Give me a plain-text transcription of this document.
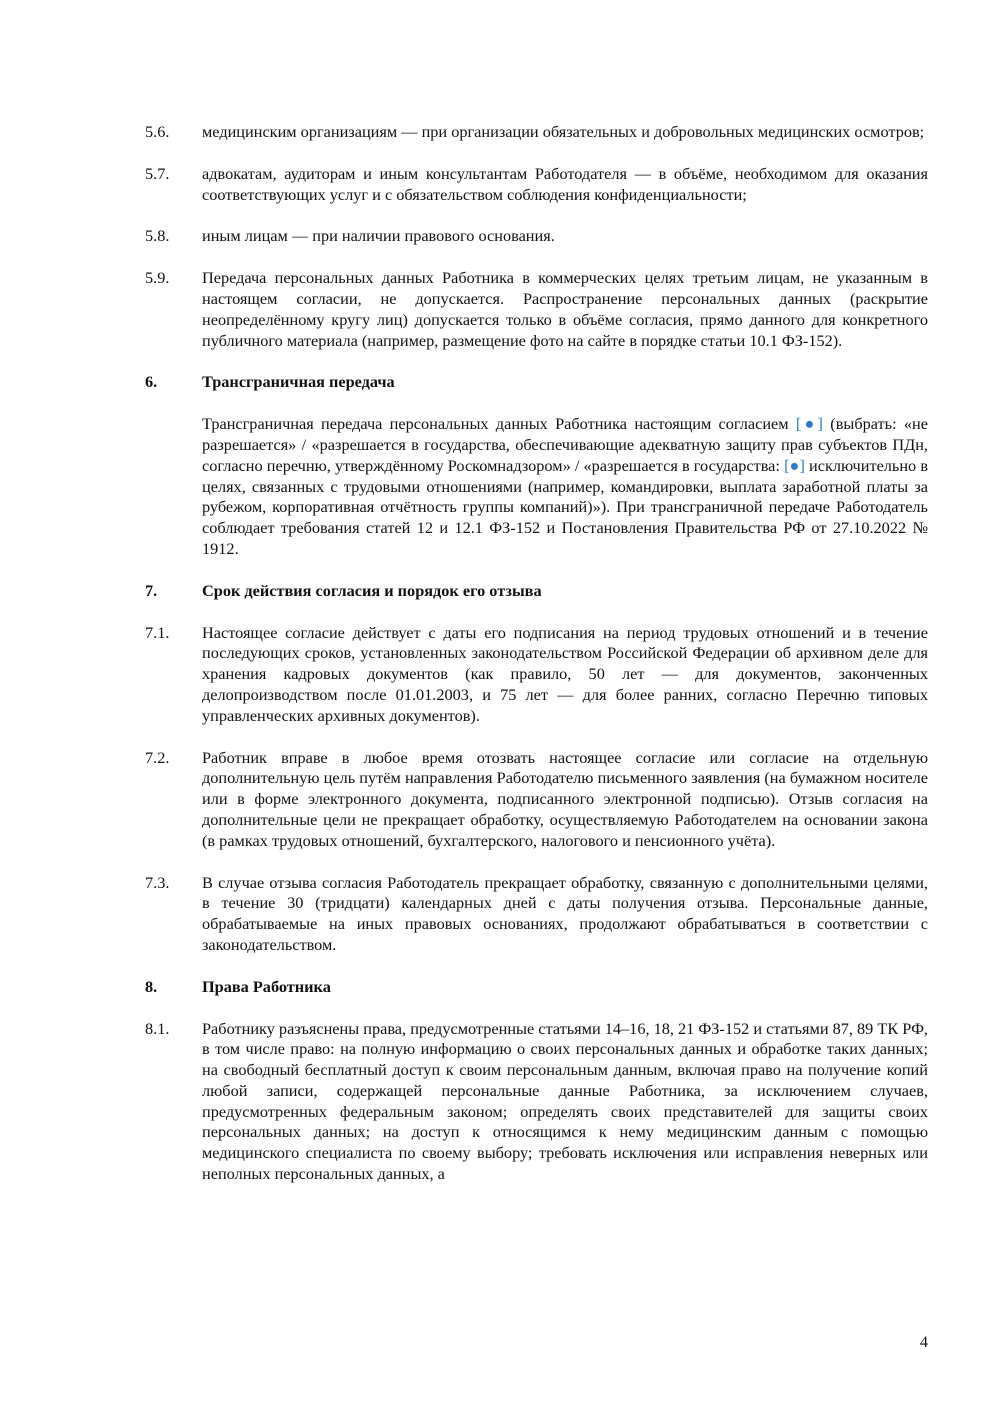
5.6.	медицинским организациям — при организации обязательных и добровольных медицинских осмотров;
5.7.	адвокатам, аудиторам и иным консультантам Работодателя — в объёме, необходимом для оказания соответствующих услуг и с обязательством соблюдения конфиденциальности;
5.8.	иным лицам — при наличии правового основания.
5.9.	Передача персональных данных Работника в коммерческих целях третьим лицам, не указанным в настоящем согласии, не допускается. Распространение персональных данных (раскрытие неопределённому кругу лиц) допускается только в объёме согласия, прямо данного для конкретного публичного материала (например, размещение фото на сайте в порядке статьи 10.1 ФЗ-152).
6.	Трансграничная передача
Трансграничная передача персональных данных Работника настоящим согласием [●] (выбрать: «не разрешается» / «разрешается в государства, обеспечивающие адекватную защиту прав субъектов ПДн, согласно перечню, утверждённому Роскомнадзором» / «разрешается в государства: [●] исключительно в целях, связанных с трудовыми отношениями (например, командировки, выплата заработной платы за рубежом, корпоративная отчётность группы компаний)»). При трансграничной передаче Работодатель соблюдает требования статей 12 и 12.1 ФЗ-152 и Постановления Правительства РФ от 27.10.2022 № 1912.
7.	Срок действия согласия и порядок его отзыва
7.1.	Настоящее согласие действует с даты его подписания на период трудовых отношений и в течение последующих сроков, установленных законодательством Российской Федерации об архивном деле для хранения кадровых документов (как правило, 50 лет — для документов, законченных делопроизводством после 01.01.2003, и 75 лет — для более ранних, согласно Перечню типовых управленческих архивных документов).
7.2.	Работник вправе в любое время отозвать настоящее согласие или согласие на отдельную дополнительную цель путём направления Работодателю письменного заявления (на бумажном носителе или в форме электронного документа, подписанного электронной подписью). Отзыв согласия на дополнительные цели не прекращает обработку, осуществляемую Работодателем на основании закона (в рамках трудовых отношений, бухгалтерского, налогового и пенсионного учёта).
7.3.	В случае отзыва согласия Работодатель прекращает обработку, связанную с дополнительными целями, в течение 30 (тридцати) календарных дней с даты получения отзыва. Персональные данные, обрабатываемые на иных правовых основаниях, продолжают обрабатываться в соответствии с законодательством.
8.	Права Работника
8.1.	Работнику разъяснены права, предусмотренные статьями 14–16, 18, 21 ФЗ-152 и статьями 87, 89 ТК РФ, в том числе право: на полную информацию о своих персональных данных и обработке таких данных; на свободный бесплатный доступ к своим персональным данным, включая право на получение копий любой записи, содержащей персональные данные Работника, за исключением случаев, предусмотренных федеральным законом; определять своих представителей для защиты своих персональных данных; на доступ к относящимся к нему медицинским данным с помощью медицинского специалиста по своему выбору; требовать исключения или исправления неверных или неполных персональных данных, а
4
